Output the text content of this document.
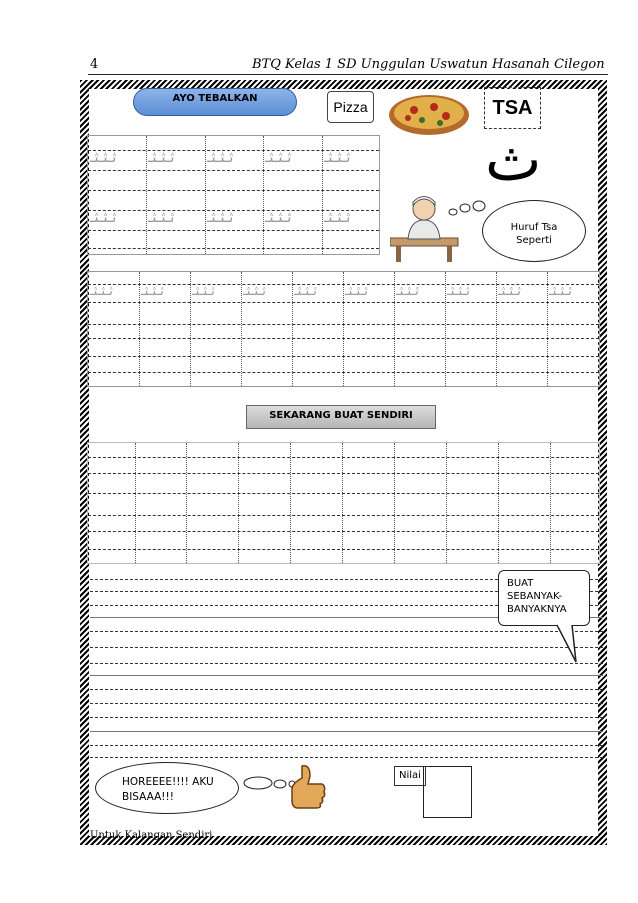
4	BTQ Kelas 1 SD Unggulan Uswatun Hasanah Cilegon
AYO TEBALKAN
Pizza	TSA
ث
ثـثـثـ ثـثـثـ ثـثـثـ ثـثـثـ ثـثـثـ
ثـثـثـ ثـثـثـ ثـثـثـ ثـثـثـ ثـثـثـ
Huruf Tsa Seperti
ثـثـثـ ثـثـثـ ثـثـثـ ثـثـثـ ثـثـثـ ثـثـثـ ثـثـثـ ثـثـثـ ثـثـثـ ثـثـثـ
SEKARANG BUAT SENDIRI
BUAT SEBANYAK-BANYAKNYA
HOREEEE!!!! AKU BISAAA!!!
Nilai
Untuk Kalangan Sendiri
